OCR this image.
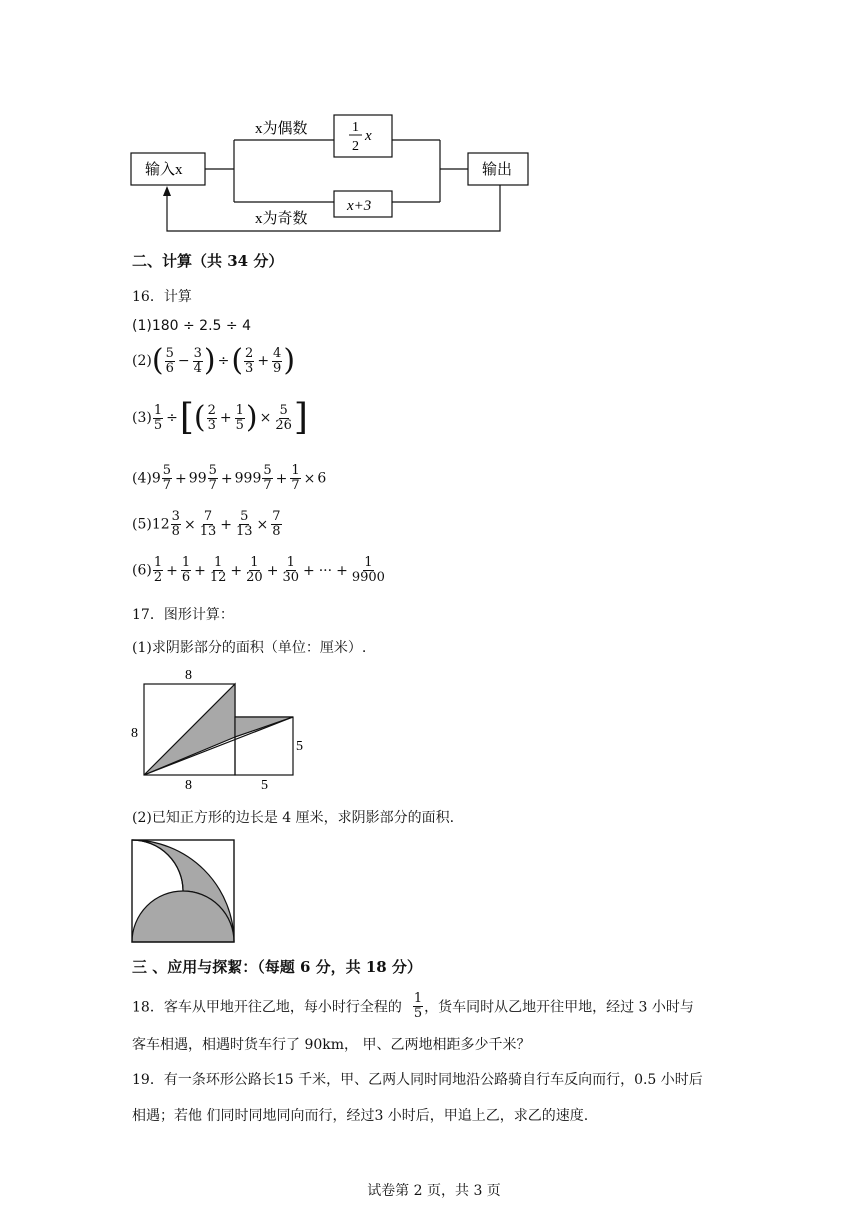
输入x
x为偶数
x为奇数
1
2
x
x+3
输出
二、计算（共 34 分）
16．计算
(1)180 ÷ 2.5 ÷ 4
$(2)( \frac{5}{6} - \frac{3}{4}$ ) ÷( $\frac{2}{3} + \frac{4}{9}$ )
$(3) \frac{1}{5}$ ÷[( $\frac{2}{3} + \frac{1}{5}$ ) × $\frac{5}{26}$ ]
$(4)9 \frac{5}{7} + 99 \frac{5}{7} + 999 \frac{5}{7} + \frac{1}{7} \times 6$
$(5)12 \frac{3}{8} \times \frac{7}{13} + \frac{5}{13} \times \frac{7}{8}$
$(6) \frac{1}{2} + \frac{1}{6} + \frac{1}{12} + \frac{1}{20} + \frac{1}{30}$ + ··· + $\frac{1}{9900}$
17．图形计算：
(1)求阴影部分的面积（单位：厘米）.
8
8
5
8	5
(2)已知正方形的边长是 4 厘米，求阴影部分的面积.
三 、应用与探絜：（每题 6 分，共 18 分）
18．客车从甲地开往乙地，每小时行全程的 $\frac{1}{5}$ ，货车同时从乙地开往甲地，经过 3 小时与
客车相遇，相遇时货车行了 90km， 甲、乙两地相距多少千米？
19．有一条环形公路长15 千米，甲、乙两人同时同地沿公路骑自行车反向而行，0.5 小时后
相遇；若他 们同时同地同向而行，经过3 小时后，甲追上乙，求乙的速度.
试卷第 2 页，共 3 页
